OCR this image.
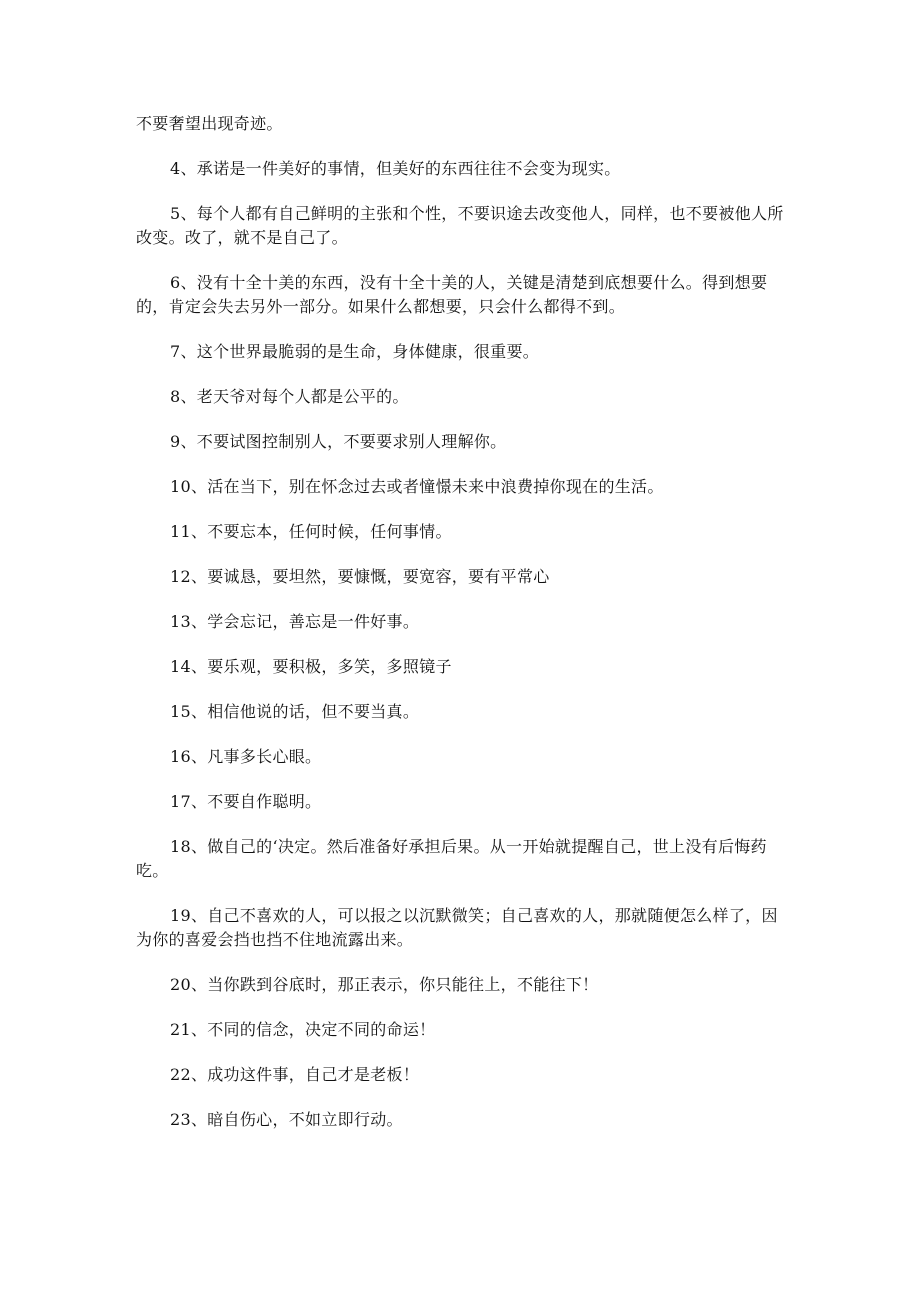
不要奢望出现奇迹。

4、承诺是一件美好的事情，但美好的东西往往不会变为现实。

5、每个人都有自己鲜明的主张和个性，不要识途去改变他人，同样，也不要被他人所改变。改了，就不是自己了。

6、没有十全十美的东西，没有十全十美的人，关键是清楚到底想要什么。得到想要的，肯定会失去另外一部分。如果什么都想要，只会什么都得不到。

7、这个世界最脆弱的是生命，身体健康，很重要。

8、老天爷对每个人都是公平的。

9、不要试图控制别人，不要要求别人理解你。

10、活在当下，别在怀念过去或者憧憬未来中浪费掉你现在的生活。

11、不要忘本，任何时候，任何事情。

12、要诚恳，要坦然，要慷慨，要宽容，要有平常心

13、学会忘记，善忘是一件好事。

14、要乐观，要积极，多笑，多照镜子

15、相信他说的话，但不要当真。

16、凡事多长心眼。

17、不要自作聪明。

18、做自己的‘决定。然后准备好承担后果。从一开始就提醒自己，世上没有后悔药吃。

19、自己不喜欢的人，可以报之以沉默微笑；自己喜欢的人，那就随便怎么样了，因为你的喜爱会挡也挡不住地流露出来。

20、当你跌到谷底时，那正表示，你只能往上，不能往下！

21、不同的信念，决定不同的命运！

22、成功这件事，自己才是老板！

23、暗自伤心，不如立即行动。
